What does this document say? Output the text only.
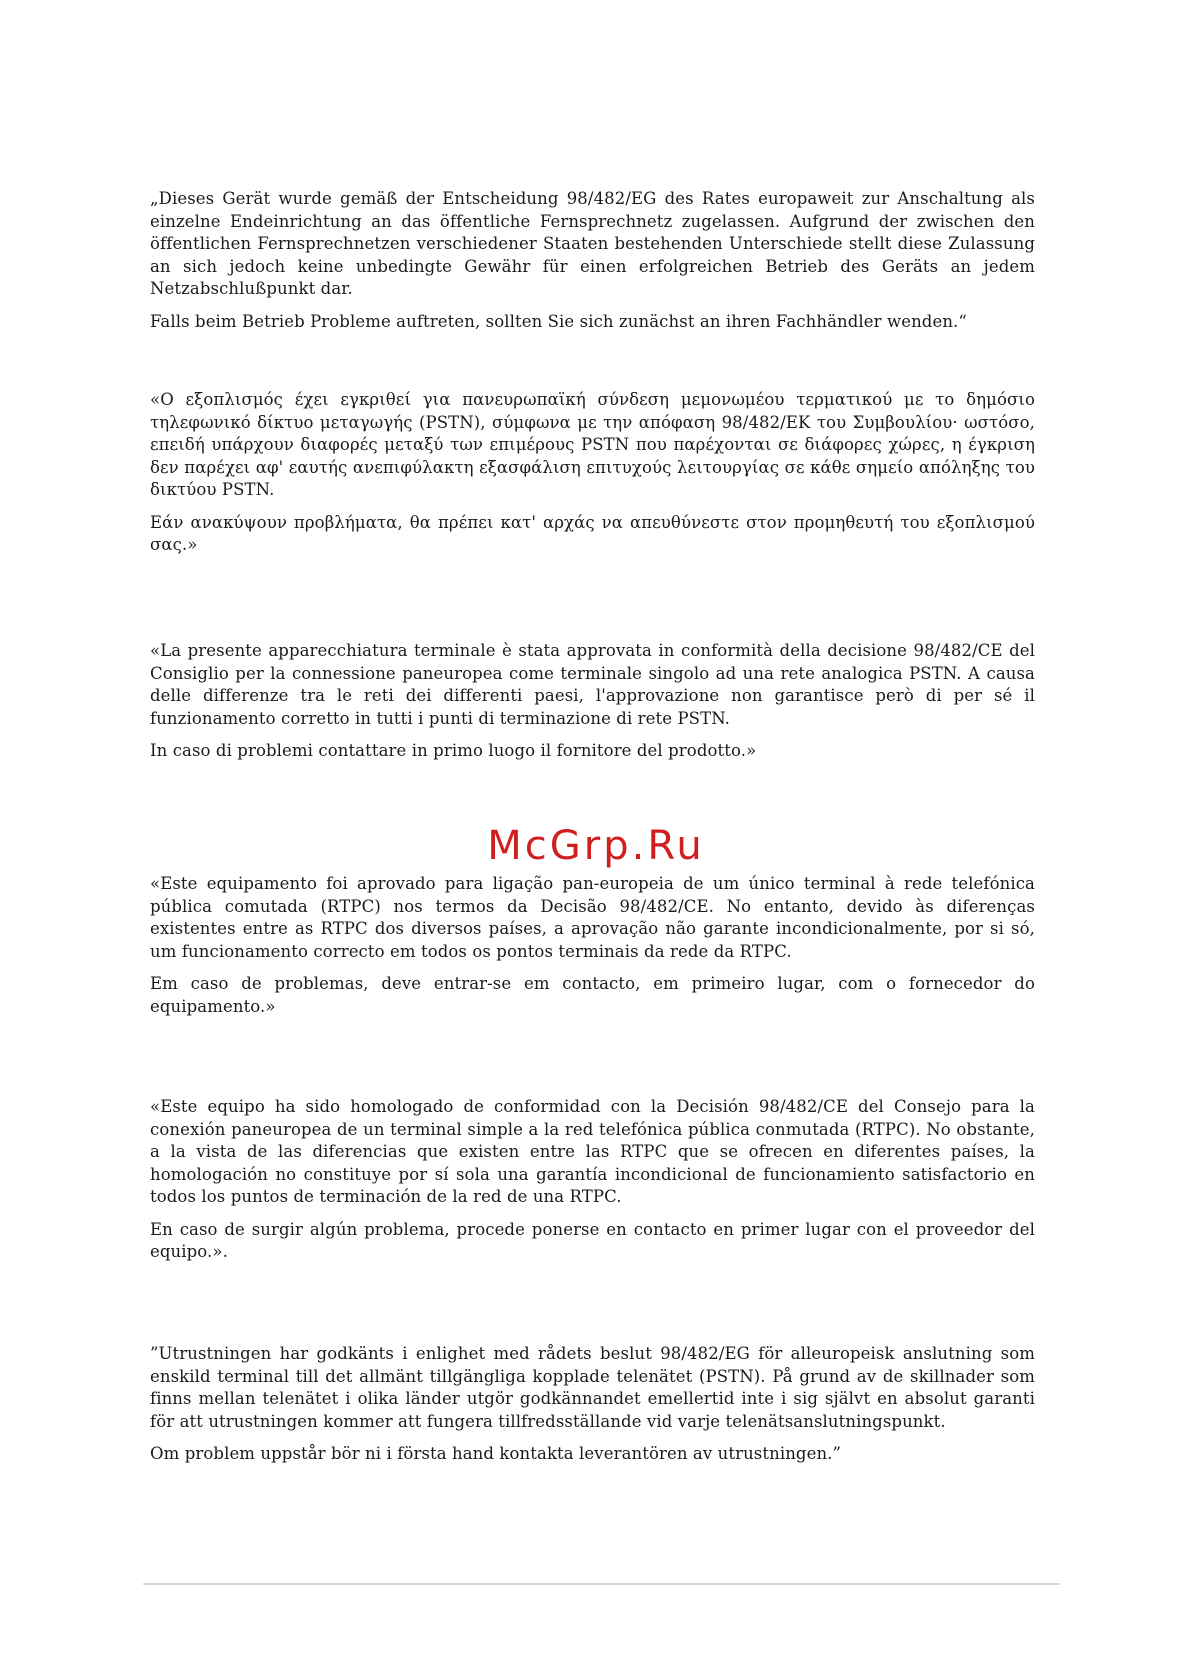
„Dieses Gerät wurde gemäß der Entscheidung 98/482/EG des Rates europaweit zur Anschaltung als einzelne Endeinrichtung an das öffentliche Fernsprechnetz zugelassen. Aufgrund der zwischen den öffentlichen Fernsprechnetzen verschiedener Staaten bestehenden Unterschiede stellt diese Zulassung an sich jedoch keine unbedingte Gewähr für einen erfolgreichen Betrieb des Geräts an jedem Netzabschlußpunkt dar.

Falls beim Betrieb Probleme auftreten, sollten Sie sich zunächst an ihren Fachhändler wenden.“

«Ο εξοπλισμός έχει εγκριθεί για πανευρωπαϊκή σύνδεση μεμονωμέου τερματικού με το δημόσιο τηλεφωνικό δίκτυο μεταγωγής (PSTN), σύμφωνα με την απόφαση 98/482/ΕΚ του Συμβουλίου· ωστόσο, επειδή υπάρχουν διαφορές μεταξύ των επιμέρους PSTN που παρέχονται σε διάφορες χώρες, η έγκριση δεν παρέχει αφ' εαυτής ανεπιφύλακτη εξασφάλιση επιτυχούς λειτουργίας σε κάθε σημείο απόληξης του δικτύου PSTN.

Εάν ανακύψουν προβλήματα, θα πρέπει κατ' αρχάς να απευθύνεστε στον προμηθευτή του εξοπλισμού σας.»

«La presente apparecchiatura terminale è stata approvata in conformità della decisione 98/482/CE del Consiglio per la connessione paneuropea come terminale singolo ad una rete analogica PSTN. A causa delle differenze tra le reti dei differenti paesi, l'approvazione non garantisce però di per sé il funzionamento corretto in tutti i punti di terminazione di rete PSTN.

In caso di problemi contattare in primo luogo il fornitore del prodotto.»

McGrp.Ru

«Este equipamento foi aprovado para ligação pan-europeia de um único terminal à rede telefónica pública comutada (RTPC) nos termos da Decisão 98/482/CE. No entanto, devido às diferenças existentes entre as RTPC dos diversos países, a aprovação não garante incondicionalmente, por si só, um funcionamento correcto em todos os pontos terminais da rede da RTPC.

Em caso de problemas, deve entrar-se em contacto, em primeiro lugar, com o fornecedor do equipamento.»

«Este equipo ha sido homologado de conformidad con la Decisión 98/482/CE del Consejo para la conexión paneuropea de un terminal simple a la red telefónica pública conmutada (RTPC). No obstante, a la vista de las diferencias que existen entre las RTPC que se ofrecen en diferentes países, la homologación no constituye por sí sola una garantía incondicional de funcionamiento satisfactorio en todos los puntos de terminación de la red de una RTPC.

En caso de surgir algún problema, procede ponerse en contacto en primer lugar con el proveedor del equipo.».

”Utrustningen har godkänts i enlighet med rådets beslut 98/482/EG för alleuropeisk anslutning som enskild terminal till det allmänt tillgängliga kopplade telenätet (PSTN). På grund av de skillnader som finns mellan telenätet i olika länder utgör godkännandet emellertid inte i sig självt en absolut garanti för att utrustningen kommer att fungera tillfredsställande vid varje telenätsanslutningspunkt.

Om problem uppstår bör ni i första hand kontakta leverantören av utrustningen.”
